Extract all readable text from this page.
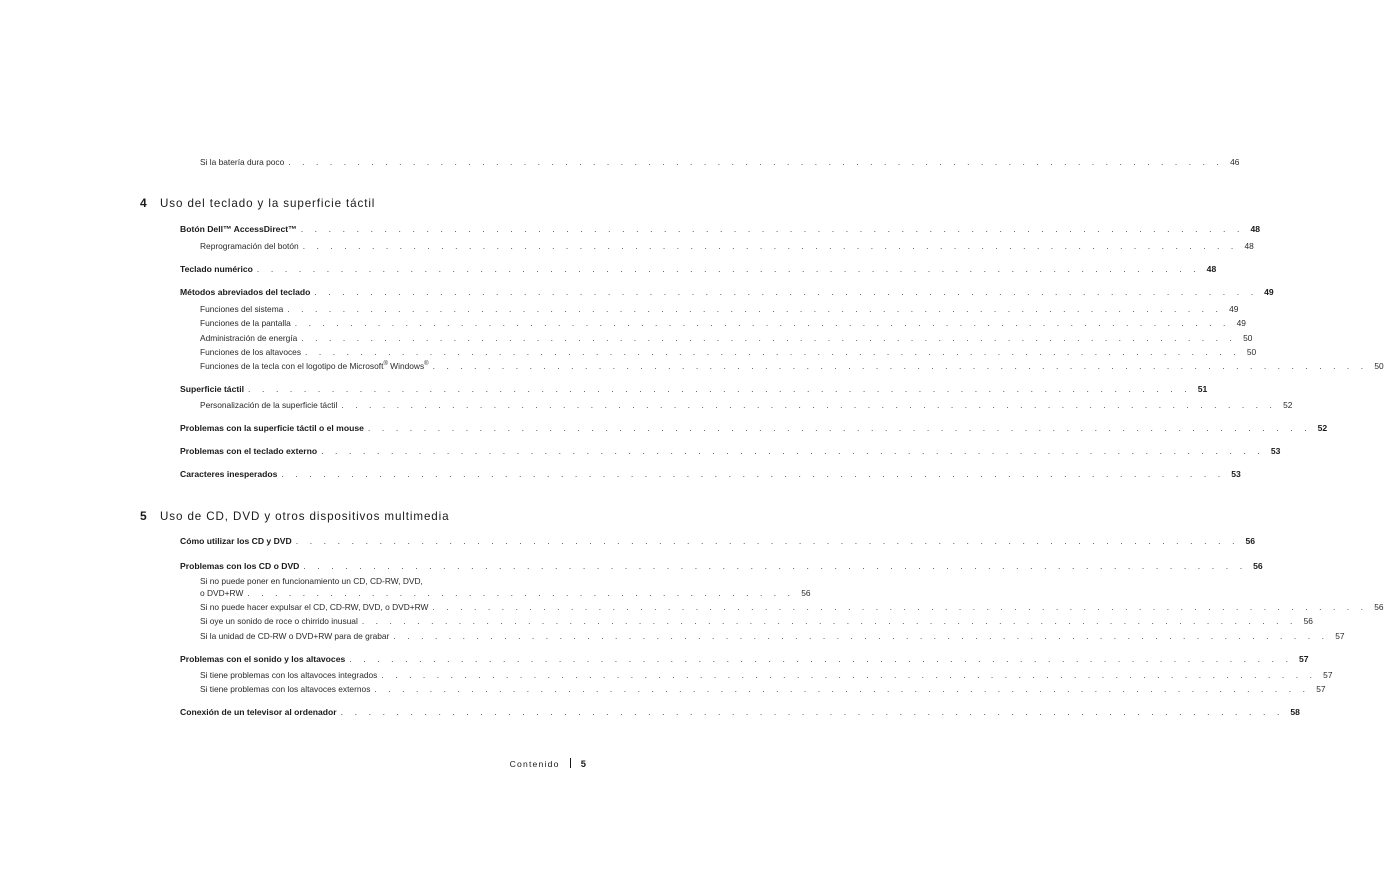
Si la batería dura poco . . .	46
4	Uso del teclado y la superficie táctil
Botón Dell™ AccessDirect™ . . .	48
Reprogramación del botón . . .	48
Teclado numérico . . .	48
Métodos abreviados del teclado . . .	49
Funciones del sistema . . .	49
Funciones de la pantalla . . .	49
Administración de energía . . .	50
Funciones de los altavoces . . .	50
Funciones de la tecla con el logotipo de Microsoft® Windows® . . .	50
Superficie táctil . . .	51
Personalización de la superficie táctil . . .	52
Problemas con la superficie táctil o el mouse . . .	52
Problemas con el teclado externo . . .	53
Caracteres inesperados . . .	53
5	Uso de CD, DVD y otros dispositivos multimedia
Cómo utilizar los CD y DVD . . .	56
Problemas con los CD o DVD . . .	56
Si no puede poner en funcionamiento un CD, CD-RW, DVD,
o DVD+RW . . . . . . . . . . . . . . . . . . . . . . . . . . . . . . . . . . . . . . . . 56
Si no puede hacer expulsar el CD, CD-RW, DVD, o DVD+RW . . .	56
Si oye un sonido de roce o chirrido inusual . . .	56
Si la unidad de CD-RW o DVD+RW para de grabar . . .	57
Problemas con el sonido y los altavoces . . .	57
Si tiene problemas con los altavoces integrados . . .	57
Si tiene problemas con los altavoces externos . . .	57
Conexión de un televisor al ordenador . . .	58
Contenido 5
